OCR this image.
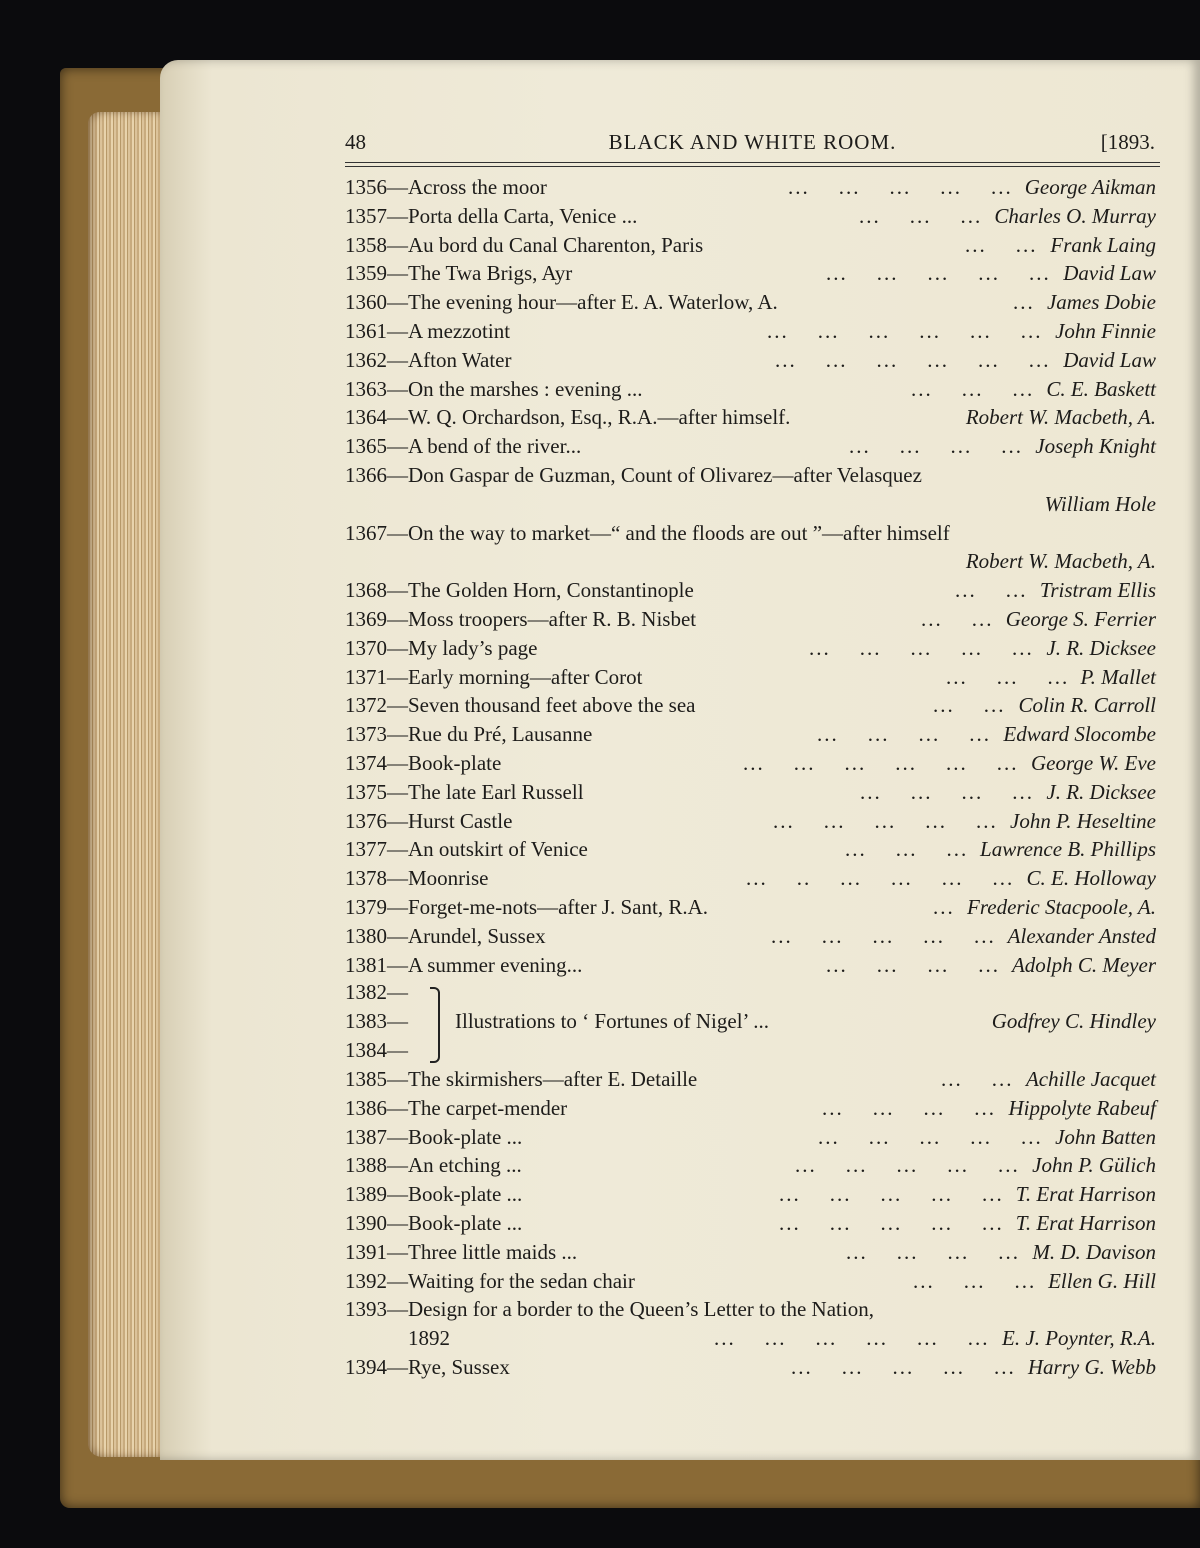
48	BLACK AND WHITE ROOM.	[1893.
1356—Across the moor	George Aikman
...    ...    ...    ...    ...
1357—Porta della Carta, Venice ...	Charles O. Murray
...    ...    ...
1358—Au bord du Canal Charenton, Paris	Frank Laing
...    ...
1359—The Twa Brigs, Ayr	David Law
...    ...    ...    ...    ...
1360—The evening hour—after E. A. Waterlow, A.	James Dobie
...
1361—A mezzotint	John Finnie
...    ...    ...    ...    ...    ...
1362—Afton Water	David Law
...    ...    ...    ...    ...    ...
1363—On the marshes : evening ...	C. E. Baskett
...    ...    ...
1364—W. Q. Orchardson, Esq., R.A.—after himself.	Robert W. Macbeth, A.
1365—A bend of the river...	Joseph Knight
...    ...    ...    ...
1366—Don Gaspar de Guzman, Count of Olivarez—after Velasquez
William Hole
1367—On the way to market—“ and the floods are out ”—after himself
Robert W. Macbeth, A.
1368—The Golden Horn, Constantinople	Tristram Ellis
...    ...
1369—Moss troopers—after R. B. Nisbet	George S. Ferrier
...    ...
1370—My lady’s page	J. R. Dicksee
...    ...    ...    ...    ...
1371—Early morning—after Corot	P. Mallet
...    ...    ...
1372—Seven thousand feet above the sea	Colin R. Carroll
...    ...
1373—Rue du Pré, Lausanne	Edward Slocombe
...    ...    ...    ...
1374—Book-plate	George W. Eve
...    ...    ...    ...    ...    ...
1375—The late Earl Russell	J. R. Dicksee
...    ...    ...    ...
1376—Hurst Castle	John P. Heseltine
...    ...    ...    ...    ...
1377—An outskirt of Venice	Lawrence B. Phillips
...    ...    ...
1378—Moonrise	C. E. Holloway
...    ..    ...    ...    ...    ...
1379—Forget-me-nots—after J. Sant, R.A.	Frederic Stacpoole, A.
...
1380—Arundel, Sussex	Alexander Ansted
...    ...    ...    ...    ...
1381—A summer evening...	Adolph C. Meyer
...    ...    ...    ...
1382—
1383—
1384—
Illustrations to ‘ Fortunes of Nigel’ ...	Godfrey C. Hindley
1385—The skirmishers—after E. Detaille	Achille Jacquet
...    ...
1386—The carpet-mender	Hippolyte Rabeuf
...    ...    ...    ...
1387—Book-plate ...	John Batten
...    ...    ...    ...    ...
1388—An etching ...	John P. Gülich
...    ...    ...    ...    ...
1389—Book-plate ...	T. Erat Harrison
...    ...    ...    ...    ...
1390—Book-plate ...	T. Erat Harrison
...    ...    ...    ...    ...
1391—Three little maids ...	M. D. Davison
...    ...    ...    ...
1392—Waiting for the sedan chair	Ellen G. Hill
...    ...    ...
1393—Design for a border to the Queen’s Letter to the Nation,
1892	E. J. Poynter, R.A.
...    ...    ...    ...    ...    ...
1394—Rye, Sussex	Harry G. Webb
...    ...    ...    ...    ...
